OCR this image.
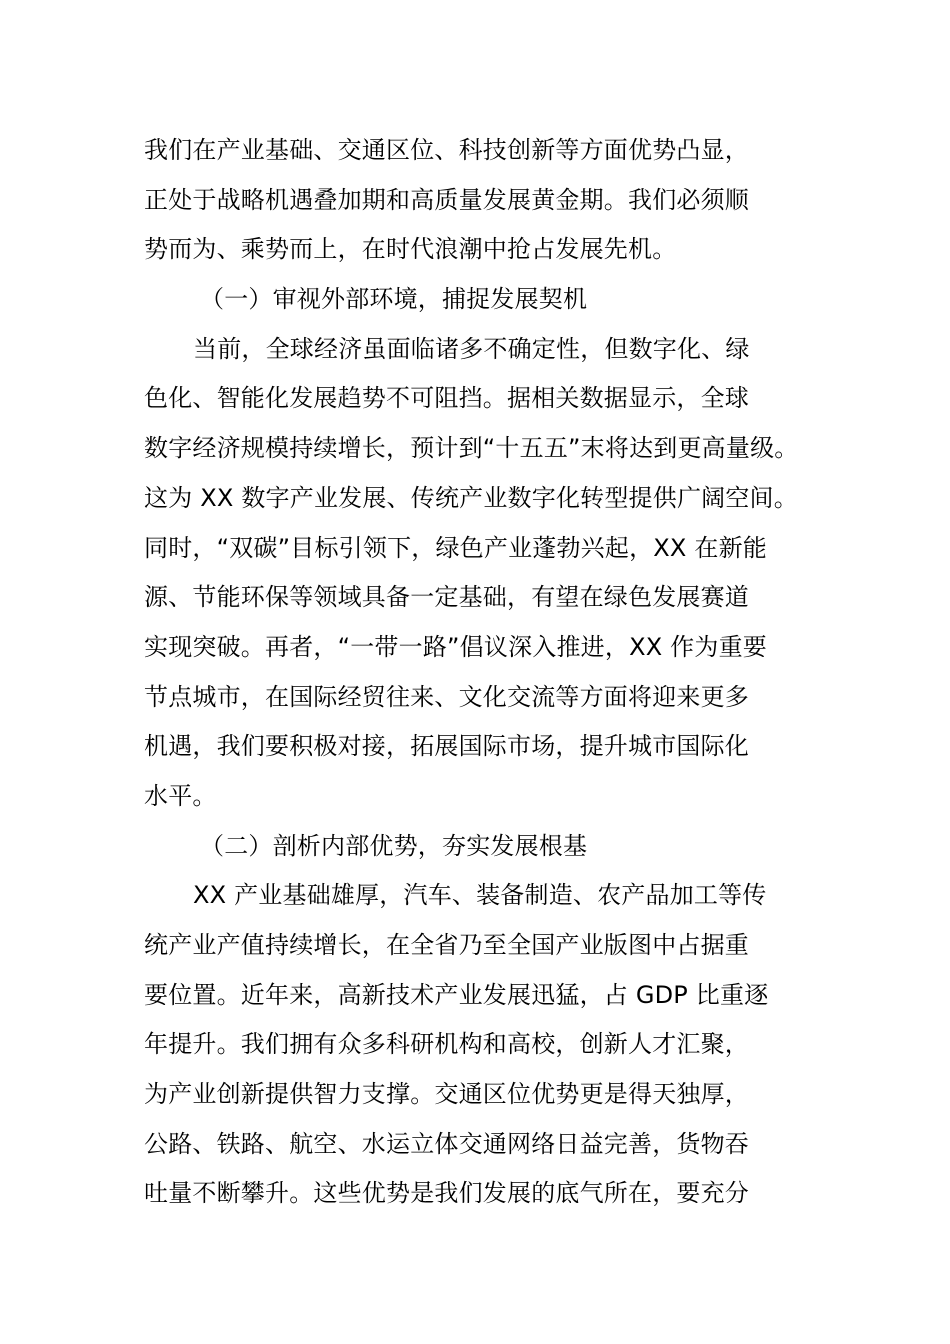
我们在产业基础、交通区位、科技创新等方面优势凸显，
正处于战略机遇叠加期和高质量发展黄金期。我们必须顺
势而为、乘势而上，在时代浪潮中抢占发展先机。
（一）审视外部环境，捕捉发展契机
当前，全球经济虽面临诸多不确定性，但数字化、绿
色化、智能化发展趋势不可阻挡。据相关数据显示，全球
数字经济规模持续增长，预计到“十五五”末将达到更高量级。
这为 XX 数字产业发展、传统产业数字化转型提供广阔空间。
同时，“双碳”目标引领下，绿色产业蓬勃兴起，XX 在新能
源、节能环保等领域具备一定基础，有望在绿色发展赛道
实现突破。再者，“一带一路”倡议深入推进，XX 作为重要
节点城市，在国际经贸往来、文化交流等方面将迎来更多
机遇，我们要积极对接，拓展国际市场，提升城市国际化
水平。
（二）剖析内部优势，夯实发展根基
XX 产业基础雄厚，汽车、装备制造、农产品加工等传
统产业产值持续增长，在全省乃至全国产业版图中占据重
要位置。近年来，高新技术产业发展迅猛，占 GDP 比重逐
年提升。我们拥有众多科研机构和高校，创新人才汇聚，
为产业创新提供智力支撑。交通区位优势更是得天独厚，
公路、铁路、航空、水运立体交通网络日益完善，货物吞
吐量不断攀升。这些优势是我们发展的底气所在，要充分
